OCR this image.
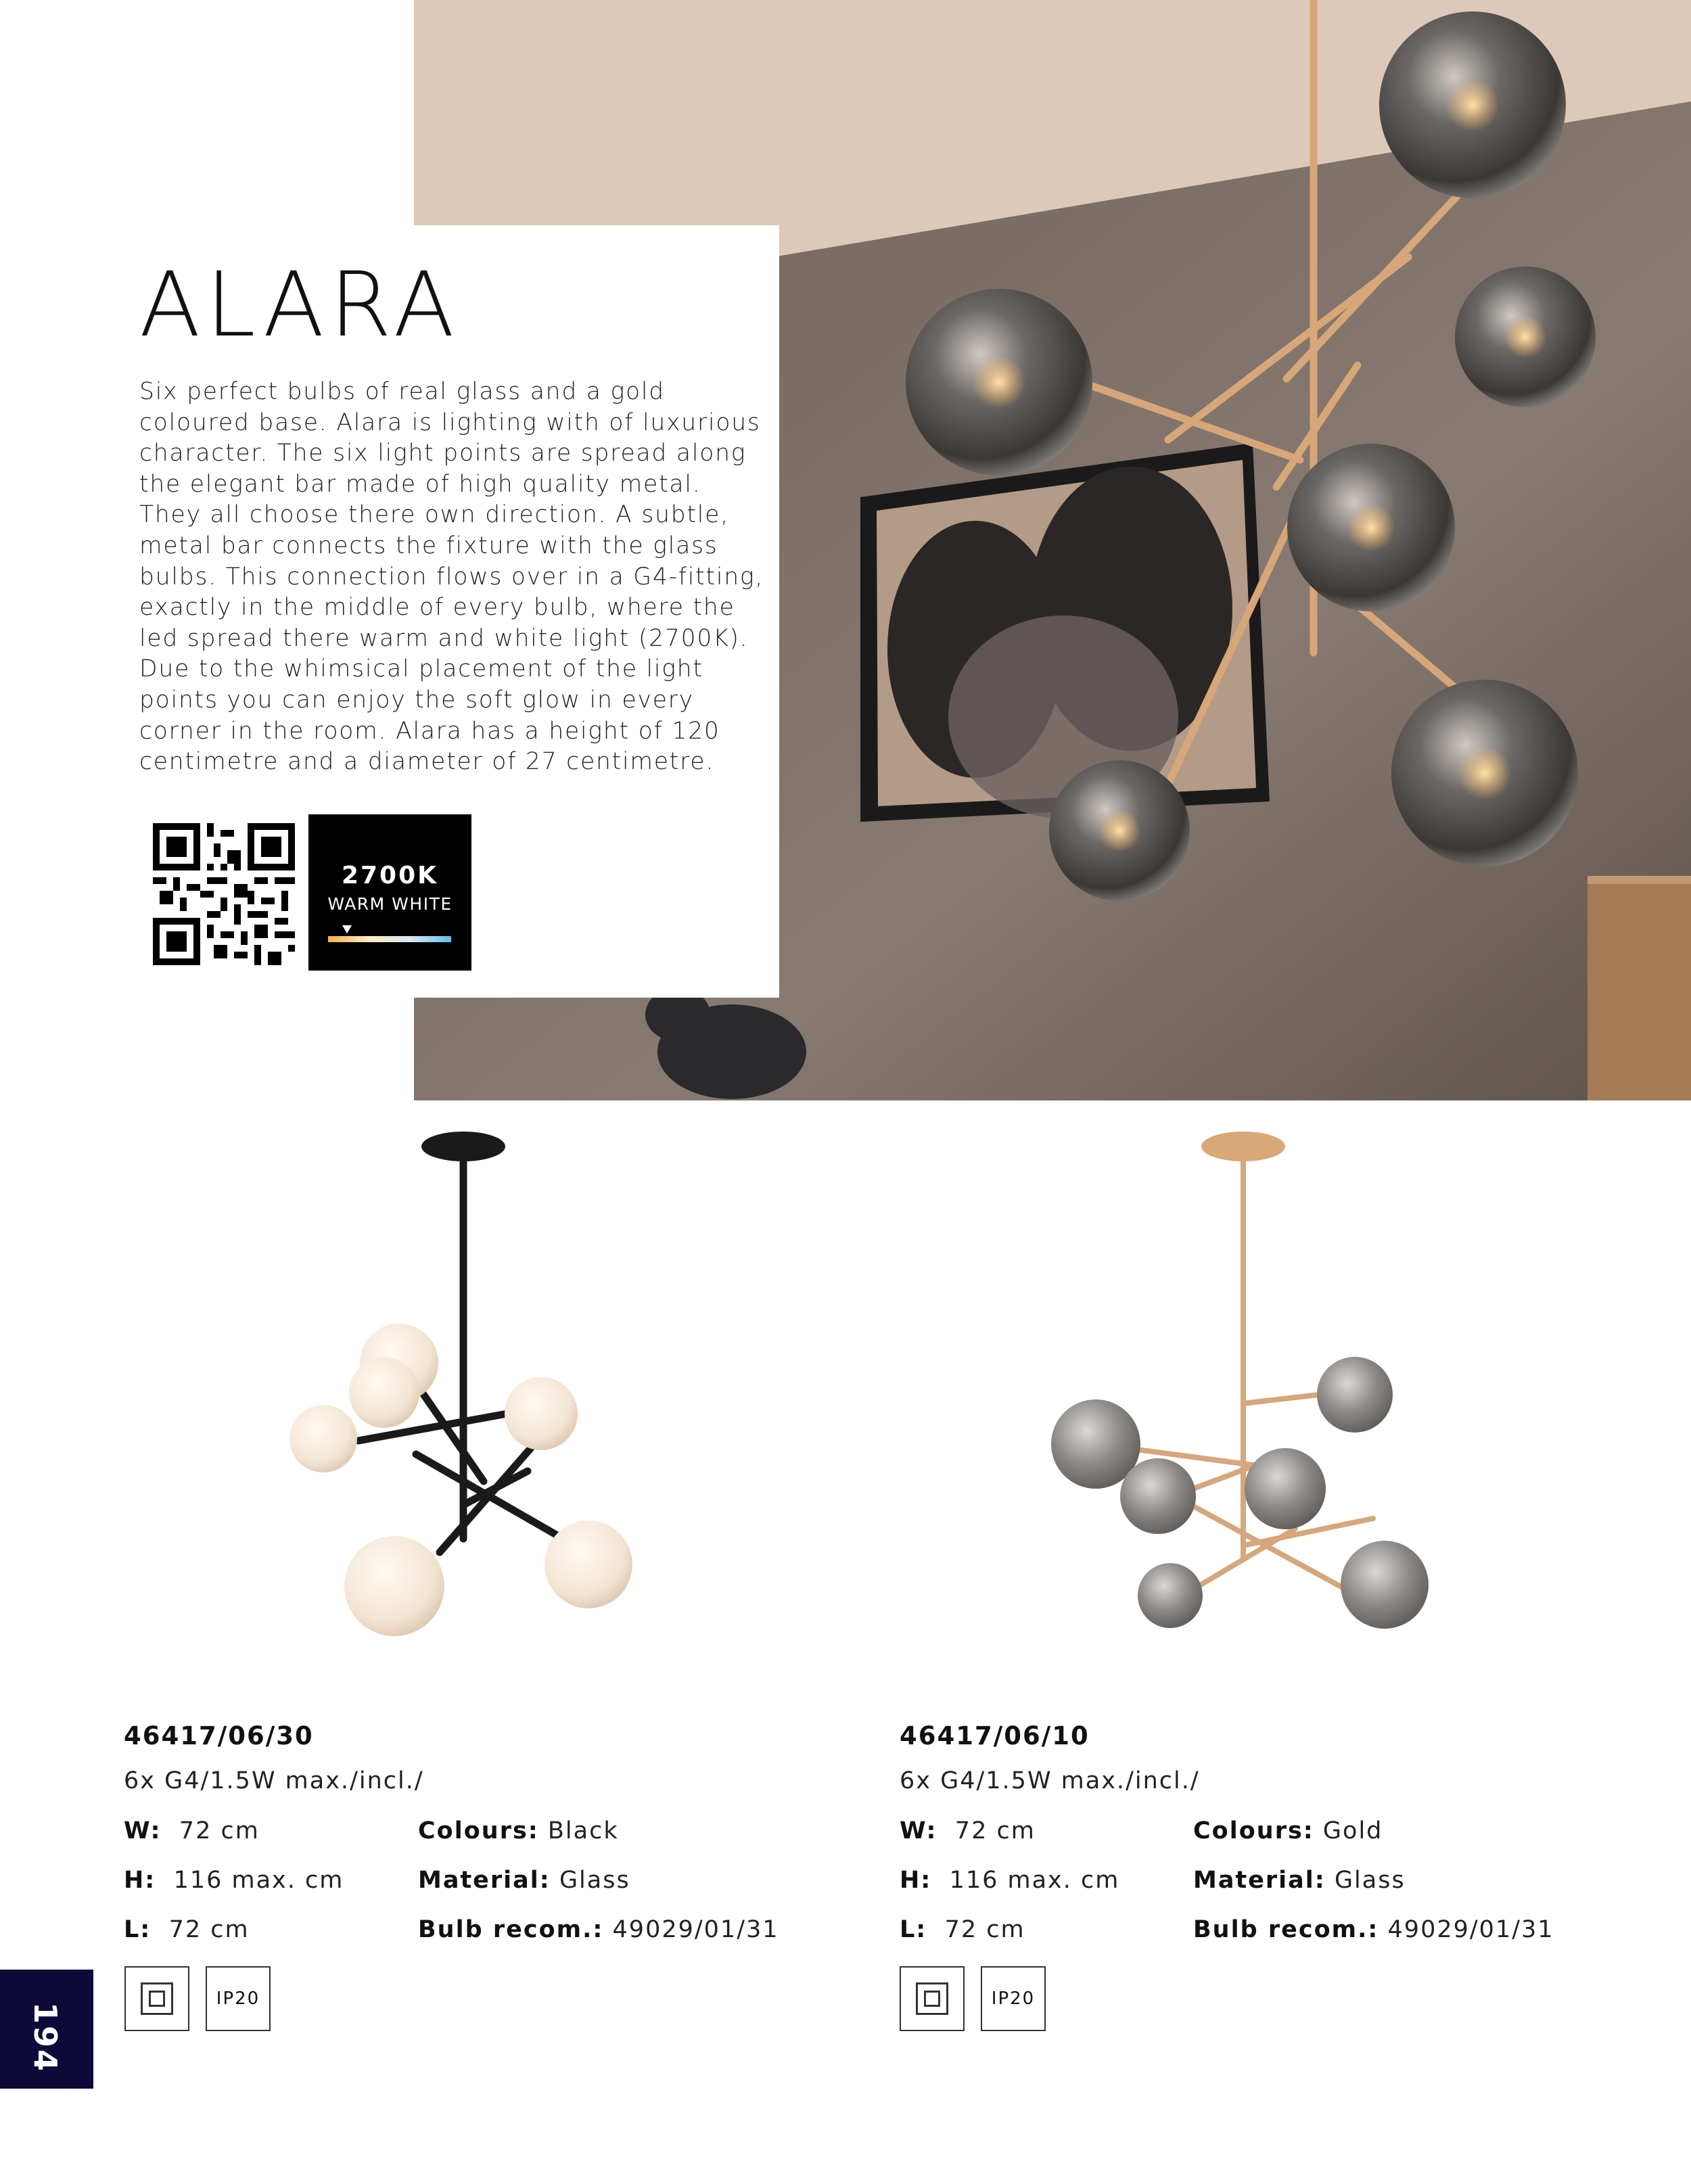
ALARA
Six perfect bulbs of real glass and a gold
coloured base. Alara is lighting with of luxurious
character. The six light points are spread along
the elegant bar made of high quality metal.
They all choose there own direction. A subtle,
metal bar connects the fixture with the glass
bulbs. This connection flows over in a G4-fitting,
exactly in the middle of every bulb, where the
led spread there warm and white light (2700K).
Due to the whimsical placement of the light
points you can enjoy the soft glow in every
corner in the room. Alara has a height of 120
centimetre and a diameter of 27 centimetre.
2700K
WARM WHITE
46417/06/30
6x G4/1.5W max./incl./
W: 72 cm
H: 116 max. cm
L: 72 cm
Colours: Black
Material: Glass
Bulb recom.: 49029/01/31
IP20
46417/06/10
6x G4/1.5W max./incl./
W: 72 cm
H: 116 max. cm
L: 72 cm
Colours: Gold
Material: Glass
Bulb recom.: 49029/01/31
IP20
194
